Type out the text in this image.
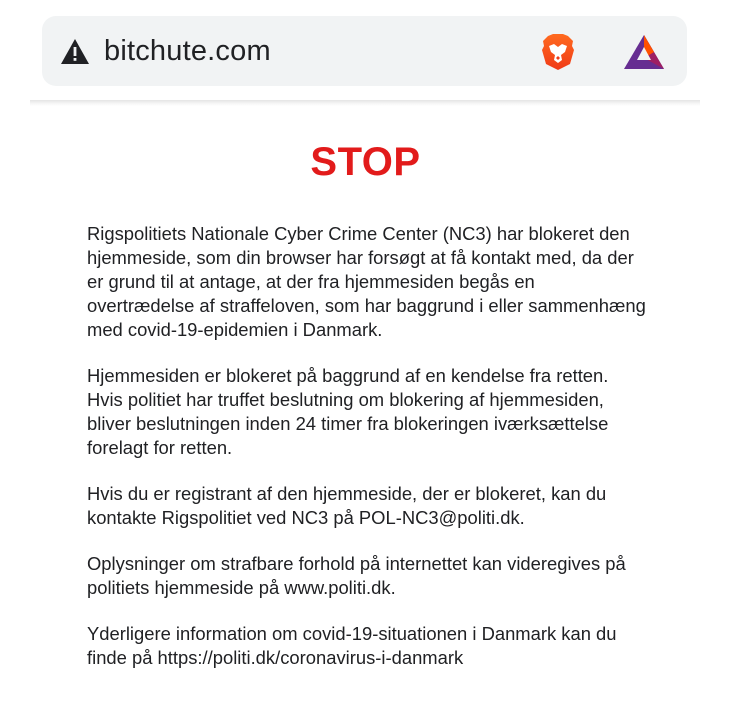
bitchute.com
STOP

Rigspolitiets Nationale Cyber Crime Center (NC3) har blokeret den hjemmeside, som din browser har forsøgt at få kontakt med, da der er grund til at antage, at der fra hjemmesiden begås en overtrædelse af straffeloven, som har baggrund i eller sammenhæng med covid-19-epidemien i Danmark.

Hjemmesiden er blokeret på baggrund af en kendelse fra retten. Hvis politiet har truffet beslutning om blokering af hjemmesiden, bliver beslutningen inden 24 timer fra blokeringen iværksættelse forelagt for retten.

Hvis du er registrant af den hjemmeside, der er blokeret, kan du kontakte Rigspolitiet ved NC3 på POL-NC3@politi.dk.

Oplysninger om strafbare forhold på internettet kan videregives på politiets hjemmeside på www.politi.dk.

Yderligere information om covid-19-situationen i Danmark kan du finde på https://politi.dk/coronavirus-i-danmark
